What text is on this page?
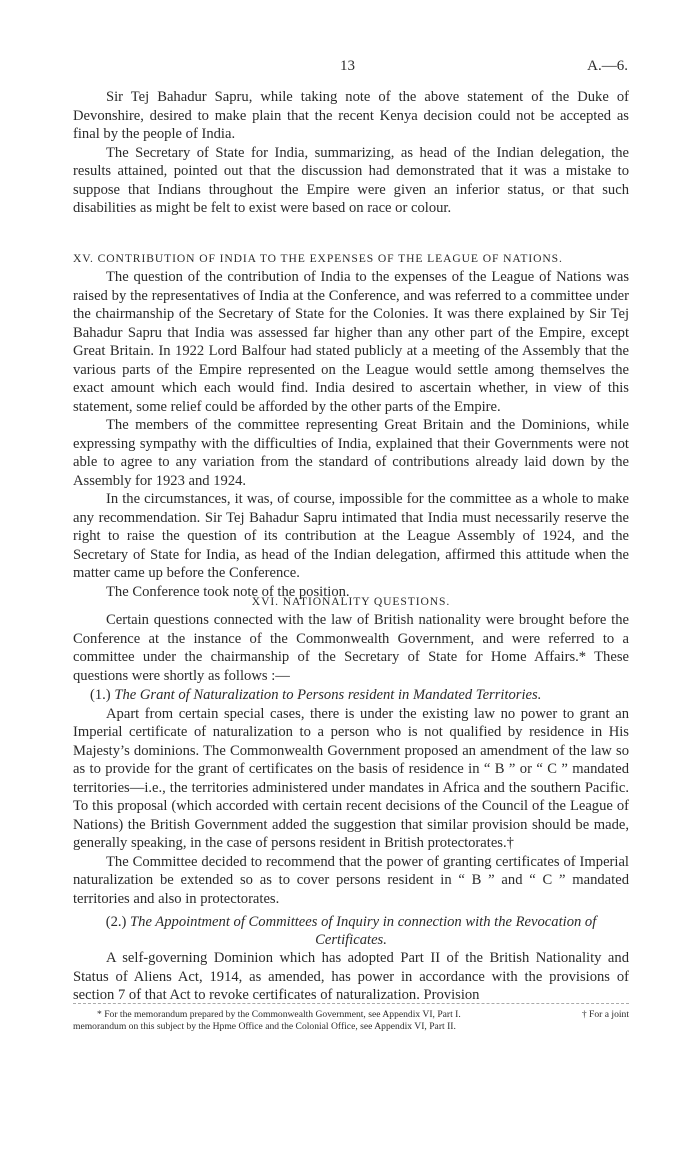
13	A.—6.

Sir Tej Bahadur Sapru, while taking note of the above statement of the Duke of Devonshire, desired to make plain that the recent Kenya decision could not be accepted as final by the people of India.

The Secretary of State for India, summarizing, as head of the Indian delegation, the results attained, pointed out that the discussion had demonstrated that it was a mistake to suppose that Indians throughout the Empire were given an inferior status, or that such disabilities as might be felt to exist were based on race or colour.

XV. CONTRIBUTION OF INDIA TO THE EXPENSES OF THE LEAGUE OF NATIONS.

The question of the contribution of India to the expenses of the League of Nations was raised by the representatives of India at the Conference, and was referred to a committee under the chairmanship of the Secretary of State for the Colonies. It was there explained by Sir Tej Bahadur Sapru that India was assessed far higher than any other part of the Empire, except Great Britain. In 1922 Lord Balfour had stated publicly at a meeting of the Assembly that the various parts of the Empire represented on the League would settle among themselves the exact amount which each would find. India desired to ascertain whether, in view of this statement, some relief could be afforded by the other parts of the Empire.

The members of the committee representing Great Britain and the Dominions, while expressing sympathy with the difficulties of India, explained that their Governments were not able to agree to any variation from the standard of contributions already laid down by the Assembly for 1923 and 1924.

In the circumstances, it was, of course, impossible for the committee as a whole to make any recommendation. Sir Tej Bahadur Sapru intimated that India must necessarily reserve the right to raise the question of its contribution at the League Assembly of 1924, and the Secretary of State for India, as head of the Indian delegation, affirmed this attitude when the matter came up before the Conference.

The Conference took note of the position.

XVI. NATIONALITY QUESTIONS.

Certain questions connected with the law of British nationality were brought before the Conference at the instance of the Commonwealth Government, and were referred to a committee under the chairmanship of the Secretary of State for Home Affairs.* These questions were shortly as follows :—

(1.) The Grant of Naturalization to Persons resident in Mandated Territories.

Apart from certain special cases, there is under the existing law no power to grant an Imperial certificate of naturalization to a person who is not qualified by residence in His Majesty’s dominions. The Commonwealth Government proposed an amendment of the law so as to provide for the grant of certificates on the basis of residence in “ B ” or “ C ” mandated territories—i.e., the territories administered under mandates in Africa and the southern Pacific. To this proposal (which accorded with certain recent decisions of the Council of the League of Nations) the British Government added the suggestion that similar provision should be made, generally speaking, in the case of persons resident in British protectorates.†

The Committee decided to recommend that the power of granting certificates of Imperial naturalization be extended so as to cover persons resident in “ B ” and “ C ” mandated territories and also in protectorates.

(2.) The Appointment of Committees of Inquiry in connection with the Revocation of Certificates.

A self-governing Dominion which has adopted Part II of the British Nationality and Status of Aliens Act, 1914, as amended, has power in accordance with the provisions of section 7 of that Act to revoke certificates of naturalization. Provision

* For the memorandum prepared by the Commonwealth Government, see Appendix VI, Part I.	† For a joint
memorandum on this subject by the Hpme Office and the Colonial Office, see Appendix VI, Part II.
